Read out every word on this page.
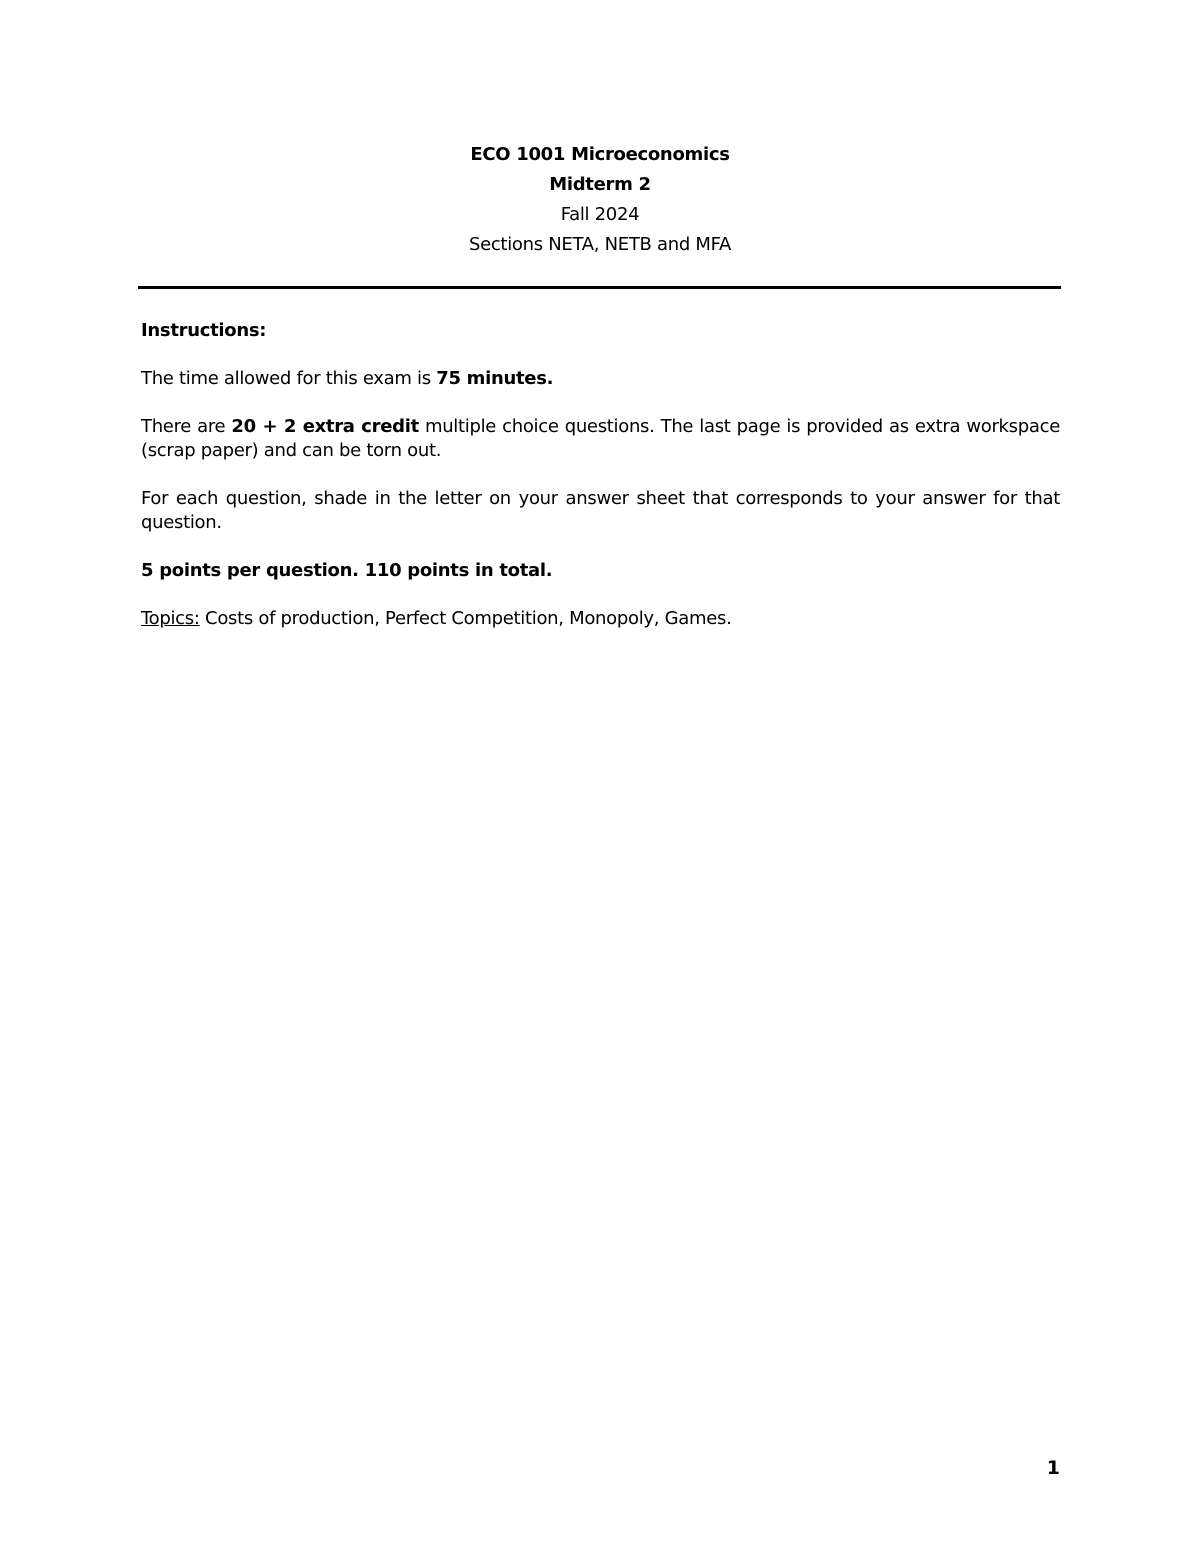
ECO 1001 Microeconomics
Midterm 2
Fall 2024
Sections NETA, NETB and MFA

Instructions:

The time allowed for this exam is 75 minutes.

There are 20 + 2 extra credit multiple choice questions. The last page is provided as extra workspace (scrap paper) and can be torn out.

For each question, shade in the letter on your answer sheet that corresponds to your answer for that question.

5 points per question. 110 points in total.

Topics: Costs of production, Perfect Competition, Monopoly, Games.

1
